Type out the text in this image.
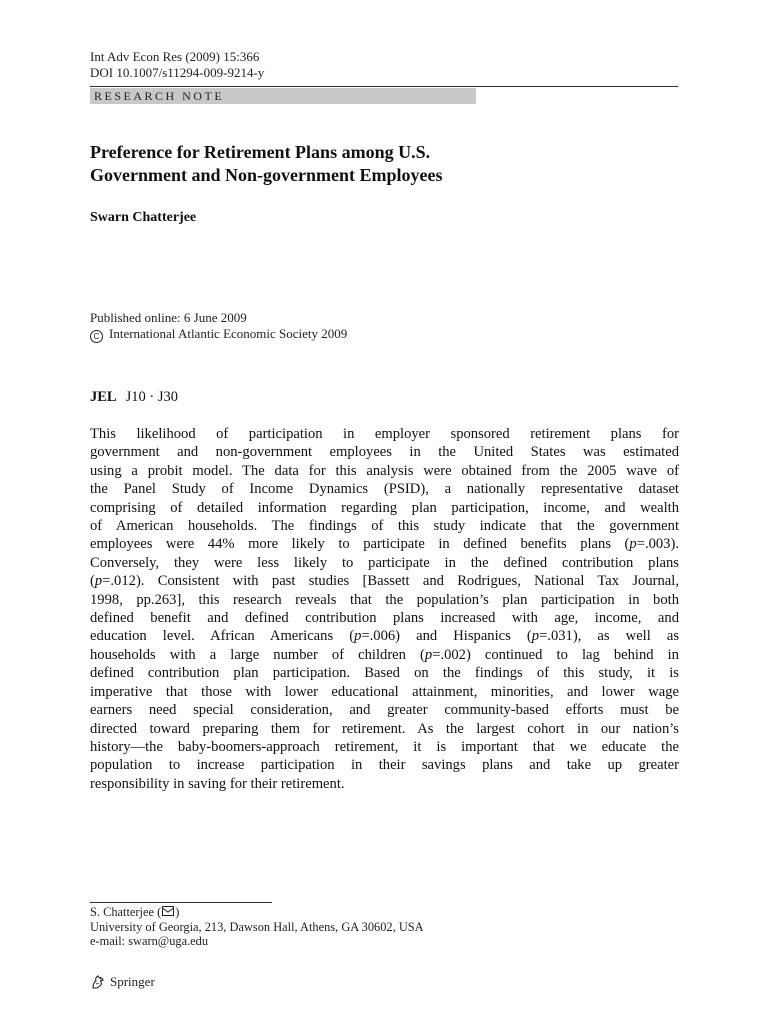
Int Adv Econ Res (2009) 15:366
DOI 10.1007/s11294-009-9214-y
RESEARCH NOTE
Preference for Retirement Plans among U.S.
Government and Non-government Employees
Swarn Chatterjee
Published online: 6 June 2009
C International Atlantic Economic Society 2009
JEL J10 · J30
This likelihood of participation in employer sponsored retirement plans for
government and non-government employees in the United States was estimated
using a probit model. The data for this analysis were obtained from the 2005 wave of
the Panel Study of Income Dynamics (PSID), a nationally representative dataset
comprising of detailed information regarding plan participation, income, and wealth
of American households. The findings of this study indicate that the government
employees were 44% more likely to participate in defined benefits plans (p=.003).
Conversely, they were less likely to participate in the defined contribution plans
(p=.012). Consistent with past studies [Bassett and Rodrigues, National Tax Journal,
1998, pp.263], this research reveals that the population’s plan participation in both
defined benefit and defined contribution plans increased with age, income, and
education level. African Americans (p=.006) and Hispanics (p=.031), as well as
households with a large number of children (p=.002) continued to lag behind in
defined contribution plan participation. Based on the findings of this study, it is
imperative that those with lower educational attainment, minorities, and lower wage
earners need special consideration, and greater community-based efforts must be
directed toward preparing them for retirement. As the largest cohort in our nation’s
history—the baby-boomers-approach retirement, it is important that we educate the
population to increase participation in their savings plans and take up greater
responsibility in saving for their retirement.
S. Chatterjee ( )
University of Georgia, 213, Dawson Hall, Athens, GA 30602, USA
e-mail: swarn@uga.edu
Springer
